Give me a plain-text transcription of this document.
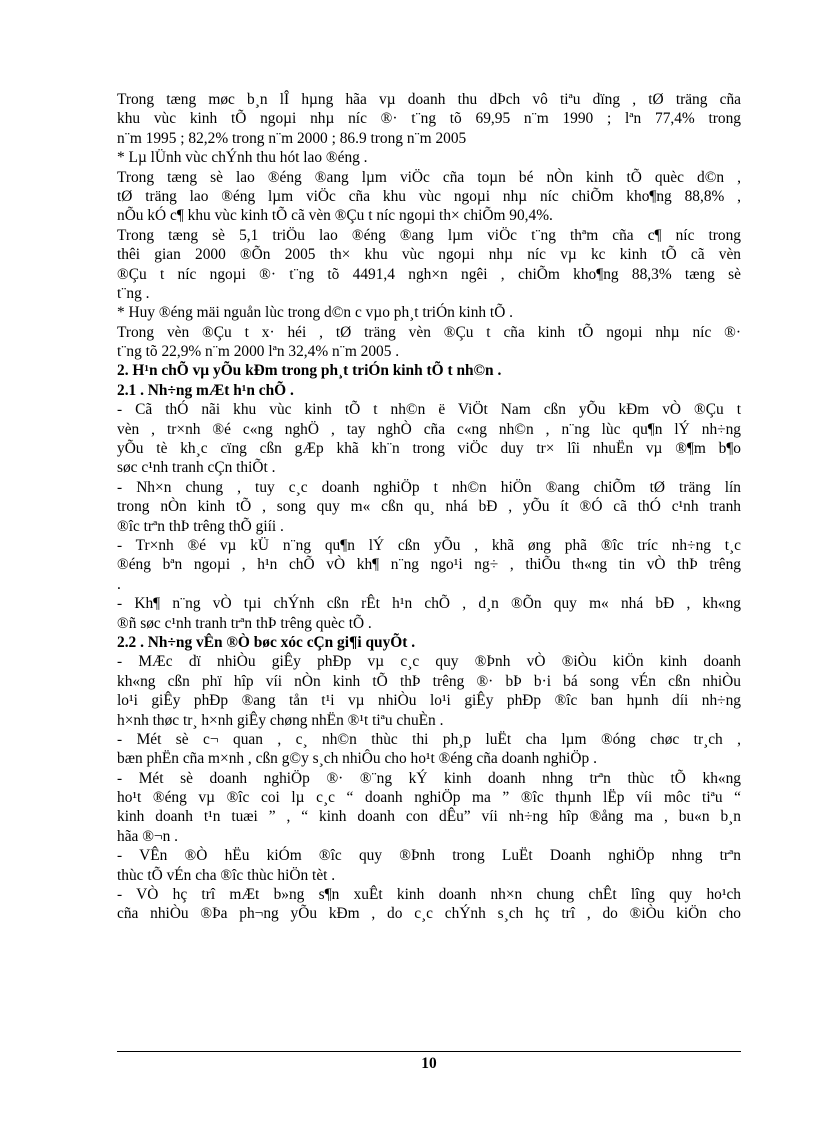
Trong tæng møc b¸n lÎ hµng hãa vµ doanh thu dÞch vô tiªu dïng , tØ träng cña
khu vùc kinh tÕ ngoµi nhµ níc ®· t¨ng tõ 69,95 n¨m 1990 ; lªn 77,4% trong
n¨m 1995 ; 82,2% trong n¨m 2000 ; 86.9 trong n¨m 2005
* Lµ lÜnh vùc chÝnh thu hót lao ®éng .
Trong tæng sè lao ®éng ®ang lµm viÖc cña toµn bé nÒn kinh tÕ quèc d©n ,
tØ träng lao ®éng lµm viÖc cña khu vùc ngoµi nhµ níc chiÕm kho¶ng 88,8% ,
nÕu kÓ c¶ khu vùc kinh tÕ cã vèn ®Çu t níc ngoµi th× chiÕm 90,4%.
Trong tæng sè 5,1 triÖu lao ®éng ®ang lµm viÖc t¨ng thªm cña c¶ níc trong
thêi gian 2000 ®Õn 2005 th× khu vùc ngoµi nhµ níc vµ kc kinh tÕ cã vèn
®Çu t níc ngoµi ®· t¨ng tõ 4491,4 ngh×n ngêi , chiÕm kho¶ng 88,3% tæng sè
t¨ng .
* Huy ®éng mäi nguån lùc trong d©n c vµo ph¸t triÓn kinh tÕ .
Trong vèn ®Çu t x· héi , tØ träng vèn ®Çu t cña kinh tÕ ngoµi nhµ níc ®·
t¨ng tõ 22,9% n¨m 2000 lªn 32,4% n¨m 2005 .
2. H¹n chÕ vµ yÕu kÐm trong ph¸t triÓn kinh tÕ t nh©n .
2.1 . Nh÷ng mÆt h¹n chÕ .
- Cã thÓ nãi khu vùc kinh tÕ t nh©n ë ViÖt Nam cßn yÕu kÐm vÒ ®Çu t
vèn , tr×nh ®é c«ng nghÖ , tay nghÒ cña c«ng nh©n , n¨ng lùc qu¶n lÝ nh÷ng
yÕu tè kh¸c cïng cßn gÆp khã kh¨n trong viÖc duy tr× lîi nhuËn vµ ®¶m b¶o
søc c¹nh tranh cÇn thiÕt .
- Nh×n chung , tuy c¸c doanh nghiÖp t nh©n hiÖn ®ang chiÕm tØ träng lín
trong nÒn kinh tÕ , song quy m« cßn qu¸ nhá bÐ , yÕu ít ®Ó cã thÓ c¹nh tranh
®îc trªn thÞ trêng thÕ giíi .
- Tr×nh ®é vµ kÜ n¨ng qu¶n lÝ cßn yÕu , khã øng phã ®îc tríc nh÷ng t¸c
®éng bªn ngoµi , h¹n chÕ vÒ kh¶ n¨ng ngo¹i ng÷ , thiÕu th«ng tin vÒ thÞ trêng
.
- Kh¶ n¨ng vÒ tµi chÝnh cßn rÊt h¹n chÕ , d¸n ®Õn quy m« nhá bÐ , kh«ng
®ñ søc c¹nh tranh trªn thÞ trêng quèc tÕ .
2.2 . Nh÷ng vÊn ®Ò bøc xóc cÇn gi¶i quyÕt .
- MÆc dï nhiÒu giÊy phÐp vµ c¸c quy ®Þnh vÒ ®iÒu kiÖn kinh doanh
kh«ng cßn phï hîp víi nÒn kinh tÕ thÞ trêng ®· bÞ b·i bá song vÉn cßn nhiÒu
lo¹i giÊy phÐp ®ang tån t¹i vµ nhiÒu lo¹i giÊy phÐp ®îc ban hµnh díi nh÷ng
h×nh thøc tr¸ h×nh giÊy chøng nhËn ®¹t tiªu chuÈn .
- Mét sè c¬ quan , c¸ nh©n thùc thi ph¸p luËt cha lµm ®óng chøc tr¸ch ,
bæn phËn cña m×nh , cßn g©y s¸ch nhiÔu cho ho¹t ®éng cña doanh nghiÖp .
- Mét sè doanh nghiÖp ®· ®¨ng kÝ kinh doanh nhng trªn thùc tÕ kh«ng
ho¹t ®éng vµ ®îc coi lµ c¸c “ doanh nghiÖp ma ” ®îc thµnh lËp víi môc tiªu “
kinh doanh t¹n tuæi ” , “ kinh doanh con dÊu” víi nh÷ng hîp ®ång ma , bu«n b¸n
hãa ®¬n .
- VÊn ®Ò hËu kiÓm ®îc quy ®Þnh trong LuËt Doanh nghiÖp nhng trªn
thùc tÕ vÉn cha ®îc thùc hiÖn tèt .
- VÒ hç trî mÆt b»ng s¶n xuÊt kinh doanh nh×n chung chÊt lîng quy ho¹ch
cña nhiÒu ®Þa ph¬ng yÕu kÐm , do c¸c chÝnh s¸ch hç trî , do ®iÒu kiÖn cho
10
